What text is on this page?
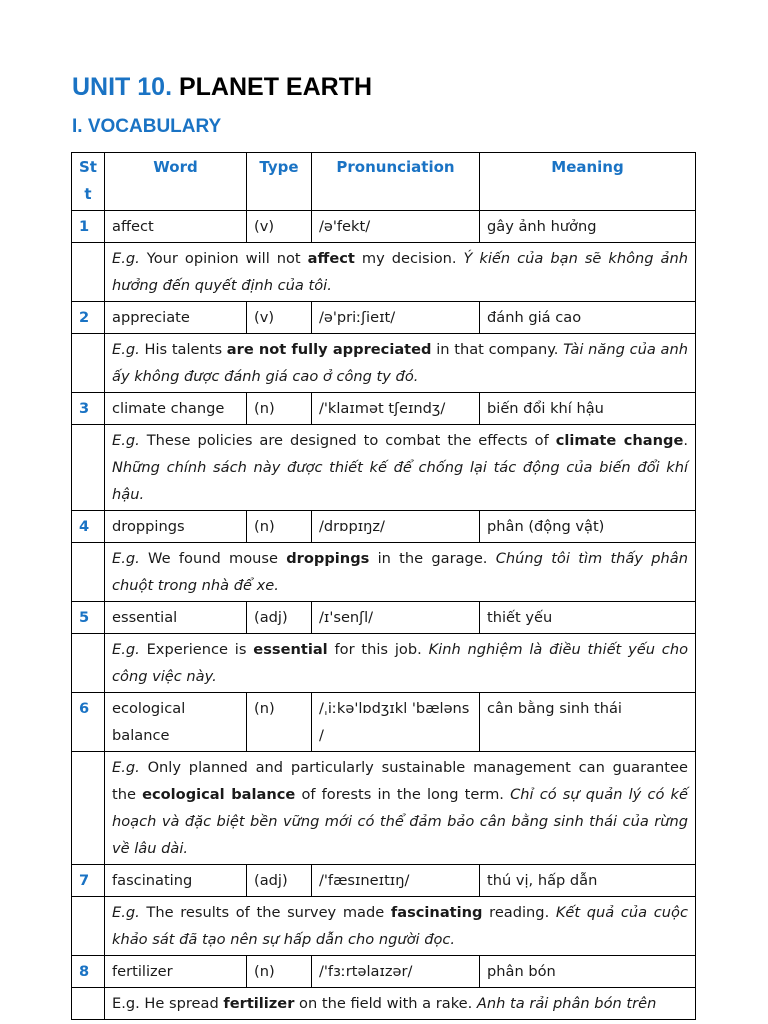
UNIT 10. PLANET EARTH
I. VOCABULARY
Stt	Word	Type	Pronunciation	Meaning
1	affect	(v)	/ə'fekt/	gây ảnh hưởng
	E.g. Your opinion will not affect my decision. Ý kiến của bạn sẽ không ảnh hưởng đến quyết định của tôi.			
2	appreciate	(v)	/ə'priːʃieɪt/	đánh giá cao
	E.g. His talents are not fully appreciated in that company. Tài năng của anh ấy không được đánh giá cao ở công ty đó.			
3	climate change	(n)	/'klaɪmət tʃeɪndʒ/	biến đổi khí hậu
	E.g. These policies are designed to combat the effects of climate change. Những chính sách này được thiết kế để chống lại tác động của biến đổi khí hậu.			
4	droppings	(n)	/drɒpɪŋz/	phân (động vật)
	E.g. We found mouse droppings in the garage. Chúng tôi tìm thấy phân chuột trong nhà để xe.			
5	essential	(adj)	/ɪ'senʃl/	thiết yếu
	E.g. Experience is essential for this job. Kinh nghiệm là điều thiết yếu cho công việc này.			
6	ecological balance	(n)	/ˌiːkə'lɒdʒɪkl 'bæləns /	cân bằng sinh thái
	E.g. Only planned and particularly sustainable management can guarantee the ecological balance of forests in the long term. Chỉ có sự quản lý có kế hoạch và đặc biệt bền vững mới có thể đảm bảo cân bằng sinh thái của rừng về lâu dài.			
7	fascinating	(adj)	/'fæsɪneɪtɪŋ/	thú vị, hấp dẫn
	E.g. The results of the survey made fascinating reading. Kết quả của cuộc khảo sát đã tạo nên sự hấp dẫn cho người đọc.			
8	fertilizer	(n)	/'fɜːrtəlaɪzər/	phân bón
	E.g. He spread fertilizer on the field with a rake. Anh ta rải phân bón trên			
